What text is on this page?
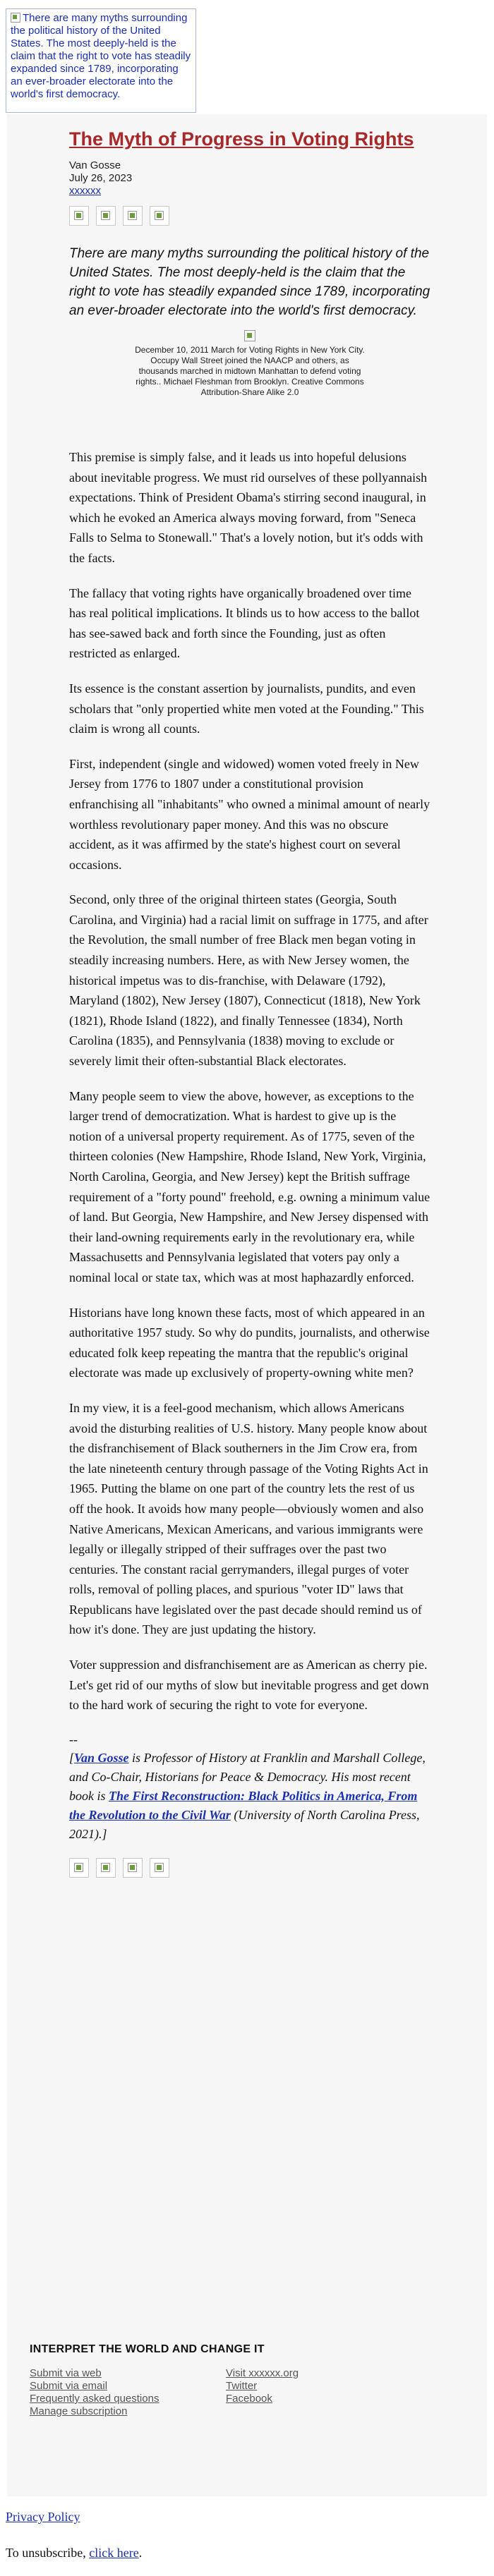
There are many myths surrounding the political history of the United States. The most deeply-held is the claim that the right to vote has steadily expanded since 1789, incorporating an ever-broader electorate into the world's first democracy.
The Myth of Progress in Voting Rights
Van Gosse
July 26, 2023
xxxxxx

There are many myths surrounding the political history of the United States. The most deeply-held is the claim that the right to vote has steadily expanded since 1789, incorporating an ever-broader electorate into the world's first democracy.

December 10, 2011 March for Voting Rights in New York City. Occupy Wall Street joined the NAACP and others, as thousands marched in midtown Manhattan to defend voting rights.. Michael Fleshman from Brooklyn. Creative Commons Attribution-Share Alike 2.0

This premise is simply false, and it leads us into hopeful delusions about inevitable progress. We must rid ourselves of these pollyannaish expectations. Think of President Obama's stirring second inaugural, in which he evoked an America always moving forward, from "Seneca Falls to Selma to Stonewall." That's a lovely notion, but it's odds with the facts.

The fallacy that voting rights have organically broadened over time has real political implications. It blinds us to how access to the ballot has see-sawed back and forth since the Founding, just as often restricted as enlarged.

Its essence is the constant assertion by journalists, pundits, and even scholars that "only propertied white men voted at the Founding." This claim is wrong all counts.

First, independent (single and widowed) women voted freely in New Jersey from 1776 to 1807 under a constitutional provision enfranchising all "inhabitants" who owned a minimal amount of nearly worthless revolutionary paper money. And this was no obscure accident, as it was affirmed by the state's highest court on several occasions.

Second, only three of the original thirteen states (Georgia, South Carolina, and Virginia) had a racial limit on suffrage in 1775, and after the Revolution, the small number of free Black men began voting in steadily increasing numbers. Here, as with New Jersey women, the historical impetus was to dis-franchise, with Delaware (1792), Maryland (1802), New Jersey (1807), Connecticut (1818), New York (1821), Rhode Island (1822), and finally Tennessee (1834), North Carolina (1835), and Pennsylvania (1838) moving to exclude or severely limit their often-substantial Black electorates.

Many people seem to view the above, however, as exceptions to the larger trend of democratization. What is hardest to give up is the notion of a universal property requirement. As of 1775, seven of the thirteen colonies (New Hampshire, Rhode Island, New York, Virginia, North Carolina, Georgia, and New Jersey) kept the British suffrage requirement of a "forty pound" freehold, e.g. owning a minimum value of land. But Georgia, New Hampshire, and New Jersey dispensed with their land-owning requirements early in the revolutionary era, while Massachusetts and Pennsylvania legislated that voters pay only a nominal local or state tax, which was at most haphazardly enforced.

Historians have long known these facts, most of which appeared in an authoritative 1957 study. So why do pundits, journalists, and otherwise educated folk keep repeating the mantra that the republic's original electorate was made up exclusively of property-owning white men?

In my view, it is a feel-good mechanism, which allows Americans avoid the disturbing realities of U.S. history. Many people know about the disfranchisement of Black southerners in the Jim Crow era, from the late nineteenth century through passage of the Voting Rights Act in 1965. Putting the blame on one part of the country lets the rest of us off the hook. It avoids how many people—obviously women and also Native Americans, Mexican Americans, and various immigrants were legally or illegally stripped of their suffrages over the past two centuries. The constant racial gerrymanders, illegal purges of voter rolls, removal of polling places, and spurious "voter ID" laws that Republicans have legislated over the past decade should remind us of how it's done. They are just updating the history.

Voter suppression and disfranchisement are as American as cherry pie. Let's get rid of our myths of slow but inevitable progress and get down to the hard work of securing the right to vote for everyone.

--

[Van Gosse is Professor of History at Franklin and Marshall College, and Co-Chair, Historians for Peace & Democracy. His most recent book is The First Reconstruction: Black Politics in America, From the Revolution to the Civil War (University of North Carolina Press, 2021).]

INTERPRET THE WORLD AND CHANGE IT
Submit via web
Submit via email
Frequently asked questions
Manage subscription
Visit xxxxxx.org
Twitter
Facebook
Privacy Policy
To unsubscribe, click here.
